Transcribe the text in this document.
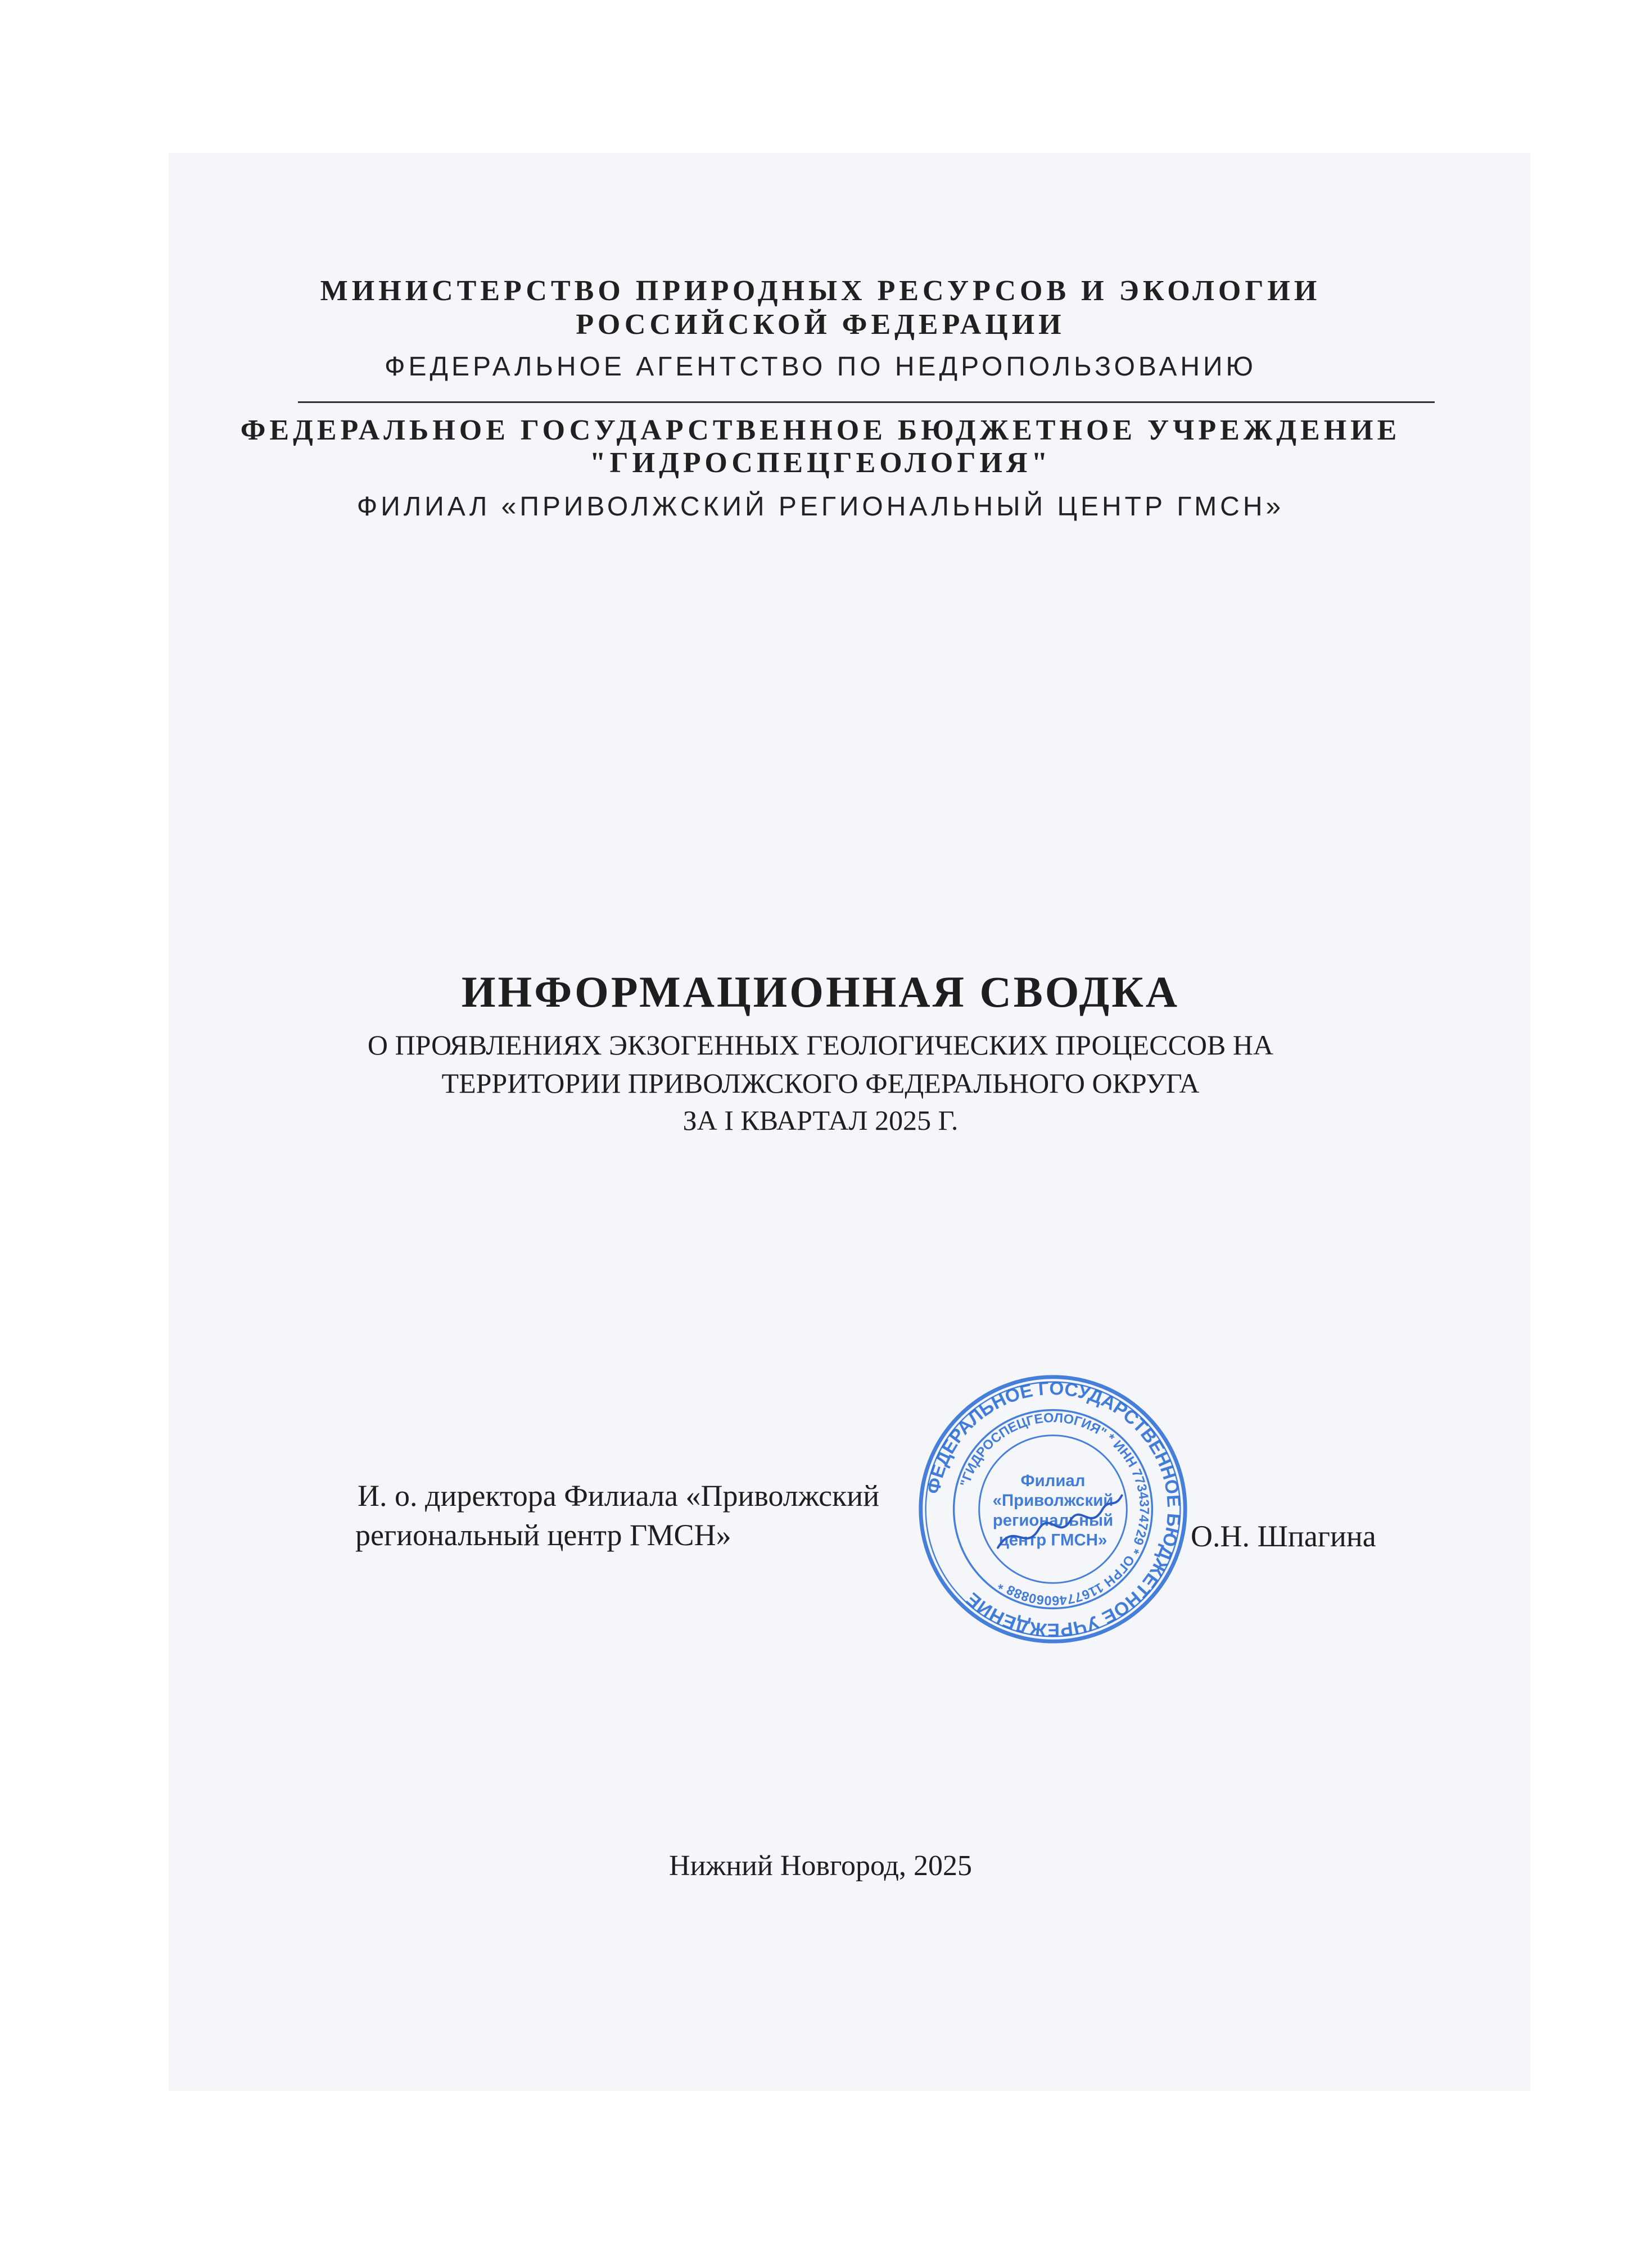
МИНИСТЕРСТВО ПРИРОДНЫХ РЕСУРСОВ И ЭКОЛОГИИ
РОССИЙСКОЙ ФЕДЕРАЦИИ
ФЕДЕРАЛЬНОЕ АГЕНТСТВО ПО НЕДРОПОЛЬЗОВАНИЮ
ФЕДЕРАЛЬНОЕ ГОСУДАРСТВЕННОЕ БЮДЖЕТНОЕ УЧРЕЖДЕНИЕ
"ГИДРОСПЕЦГЕОЛОГИЯ"
ФИЛИАЛ «ПРИВОЛЖСКИЙ РЕГИОНАЛЬНЫЙ ЦЕНТР ГМСН»
ИНФОРМАЦИОННАЯ СВОДКА
О ПРОЯВЛЕНИЯХ ЭКЗОГЕННЫХ ГЕОЛОГИЧЕСКИХ ПРОЦЕССОВ НА
ТЕРРИТОРИИ ПРИВОЛЖСКОГО ФЕДЕРАЛЬНОГО ОКРУГА
ЗА I КВАРТАЛ 2025 Г.
И. о. директора Филиала «Приволжский
региональный центр ГМСН»	О.Н. Шпагина
ФЕДЕРАЛЬНОЕ ГОСУДАРСТВЕННОЕ БЮДЖЕТНОЕ УЧРЕЖДЕНИЕ
"ГИДРОСПЕЦГЕОЛОГИЯ" * ИНН 7734374729 * ОГРН 1167746060888 *
Филиал
«Приволжский
региональный
центр ГМСН»
Нижний Новгород, 2025
